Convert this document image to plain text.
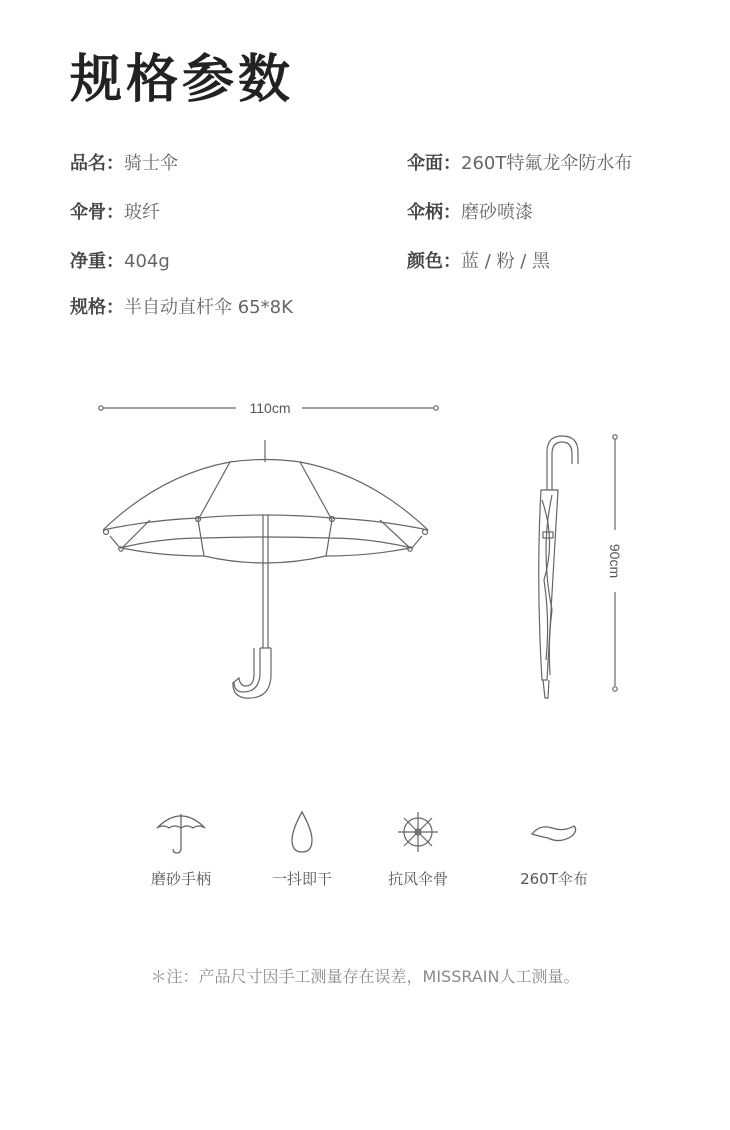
规格参数
品名：骑士伞	伞面：260T特氟龙伞防水布
伞骨：玻纤	伞柄：磨砂喷漆
净重：404g	颜色：蓝 / 粉 / 黑
规格：半自动直杆伞 65*8K
110cm
90cm
磨砂手柄	一抖即干	抗风伞骨	260T伞布
＊注：产品尺寸因手工测量存在误差，MISSRAIN人工测量。
